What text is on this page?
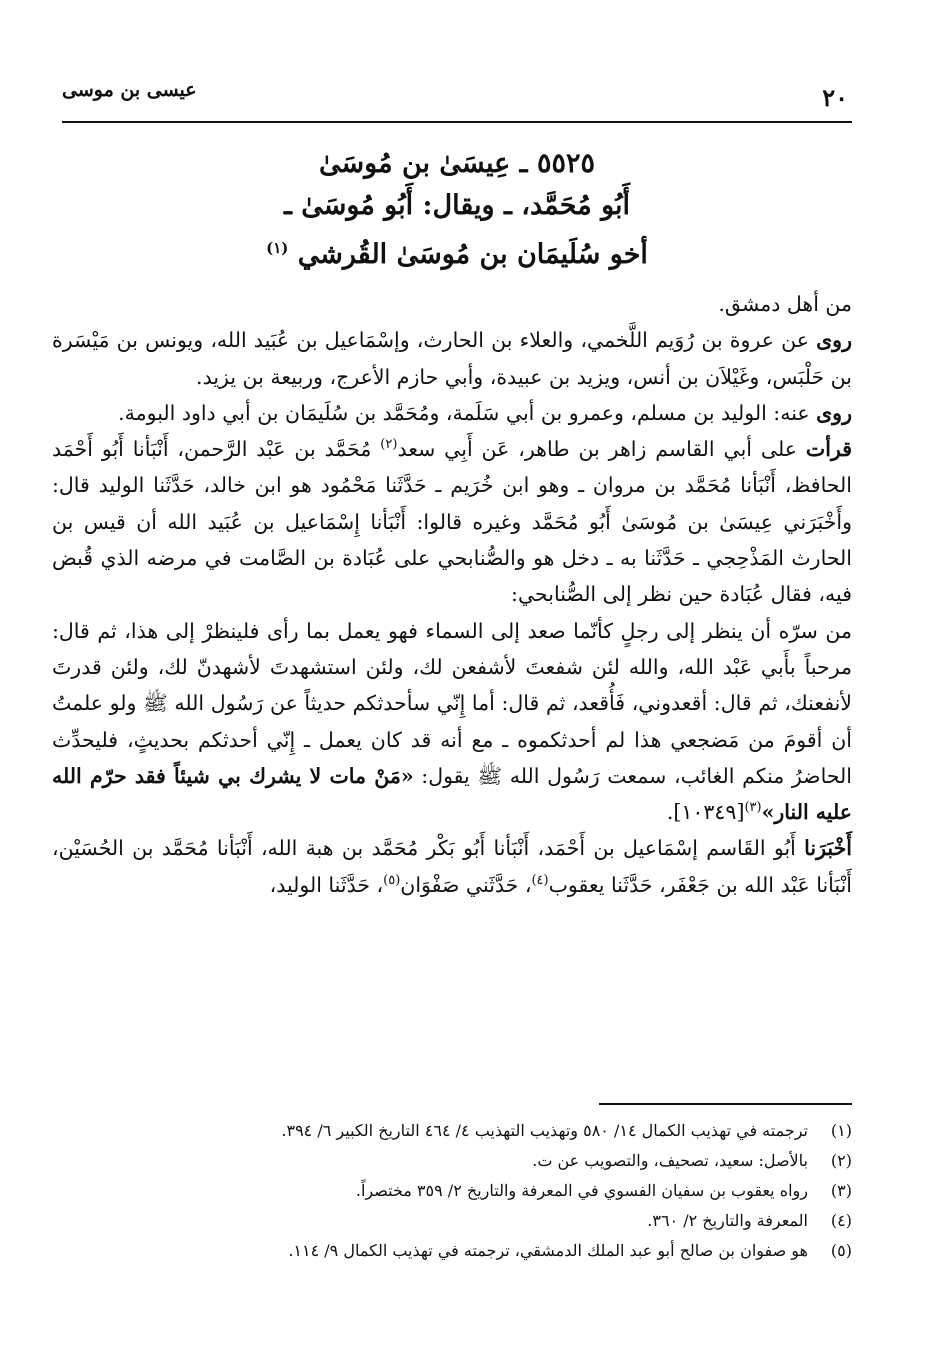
٢٠
عيسى بن موسى

٥٥٢٥ ـ عِيسَىٰ بن مُوسَىٰ

أَبُو مُحَمَّد، ـ ويقال: أَبُو مُوسَىٰ ـ

أخو سُلَيمَان بن مُوسَىٰ القُرشي $^{(١)}$

من أهل دمشق.

روى عن عروة بن رُوَيم اللَّخمي، والعلاء بن الحارث، وإسْمَاعيل بن عُبَيد الله، ويونس بن مَيْسَرة بن حَلْبَس، وغَيْلاَن بن أنس، ويزيد بن عبيدة، وأبي حازم الأعرج، وربيعة بن يزيد.

روى عنه: الوليد بن مسلم، وعمرو بن أبي سَلَمة، ومُحَمَّد بن سُلَيمَان بن أبي داود البومة.

قرأت على أبي القاسم زاهر بن طاهر، عَن أَبِي سعد$^{(٢)}$ مُحَمَّد بن عَبْد الرَّحمن، أَنْبَأنا أَبُو أَحْمَد الحافظ، أَنْبَأنا مُحَمَّد بن مروان ـ وهو ابن خُرَيم ـ حَدَّثَنا مَحْمُود هو ابن خالد، حَدَّثَنا الوليد قال: وأَخْبَرَني عِيسَىٰ بن مُوسَىٰ أَبُو مُحَمَّد وغيره قالوا: أَنْبَأنا إِسْمَاعيل بن عُبَيد الله أن قيس بن الحارث المَذْحِجي ـ حَدَّثَنا به ـ دخل هو والصُّنابحي على عُبَادة بن الصَّامت في مرضه الذي قُبض فيه، فقال عُبَادة حين نظر إلى الصُّنابحي:

من سرّه أن ينظر إلى رجلٍ كأنّما صعد إلى السماء فهو يعمل بما رأى فلينظرْ إلى هذا، ثم قال: مرحباً بأَبي عَبْد الله، والله لئن شفعتَ لأشفعن لك، ولئن استشهدتَ لأشهدنّ لك، ولئن قدرتَ لأنفعنك، ثم قال: أقعدوني، فَأُقعد، ثم قال: أما إِنّي سأحدثكم حديثاً عن رَسُول الله ﷺ ولو علمتُ أن أقومَ من مَضجعي هذا لم أحدثكموه ـ مع أنه قد كان يعمل ـ إِنّي أحدثكم بحديثٍ، فليحدِّث الحاضرُ منكم الغائب، سمعت رَسُول الله ﷺ يقول: «مَنْ مات لا يشرك بي شيئاً فقد حرّم الله عليه النار»$^{(٣)}$[١٠٣٤٩].

أَخْبَرَنا أَبُو القَاسم إسْمَاعيل بن أَحْمَد، أَنْبَأنا أَبُو بَكْر مُحَمَّد بن هبة الله، أَنْبَأنا مُحَمَّد بن الحُسَيْن، أَنْبَأنا عَبْد الله بن جَعْفَر، حَدَّثَنا يعقوب$^{(٤)}$، حَدَّثَني صَفْوَان$^{(٥)}$، حَدَّثَنا الوليد،

(١)
ترجمته في تهذيب الكمال ١٤/ ٥٨٠ وتهذيب التهذيب ٤/ ٤٦٤ التاريخ الكبير ٦/ ٣٩٤.

(٢)
بالأصل: سعيد، تصحيف، والتصويب عن ت.

(٣)
رواه يعقوب بن سفيان الفسوي في المعرفة والتاريخ ٢/ ٣٥٩ مختصراً.

(٤)
المعرفة والتاريخ ٢/ ٣٦٠.

(٥)
هو صفوان بن صالح أبو عبد الملك الدمشقي، ترجمته في تهذيب الكمال ٩/ ١١٤.
